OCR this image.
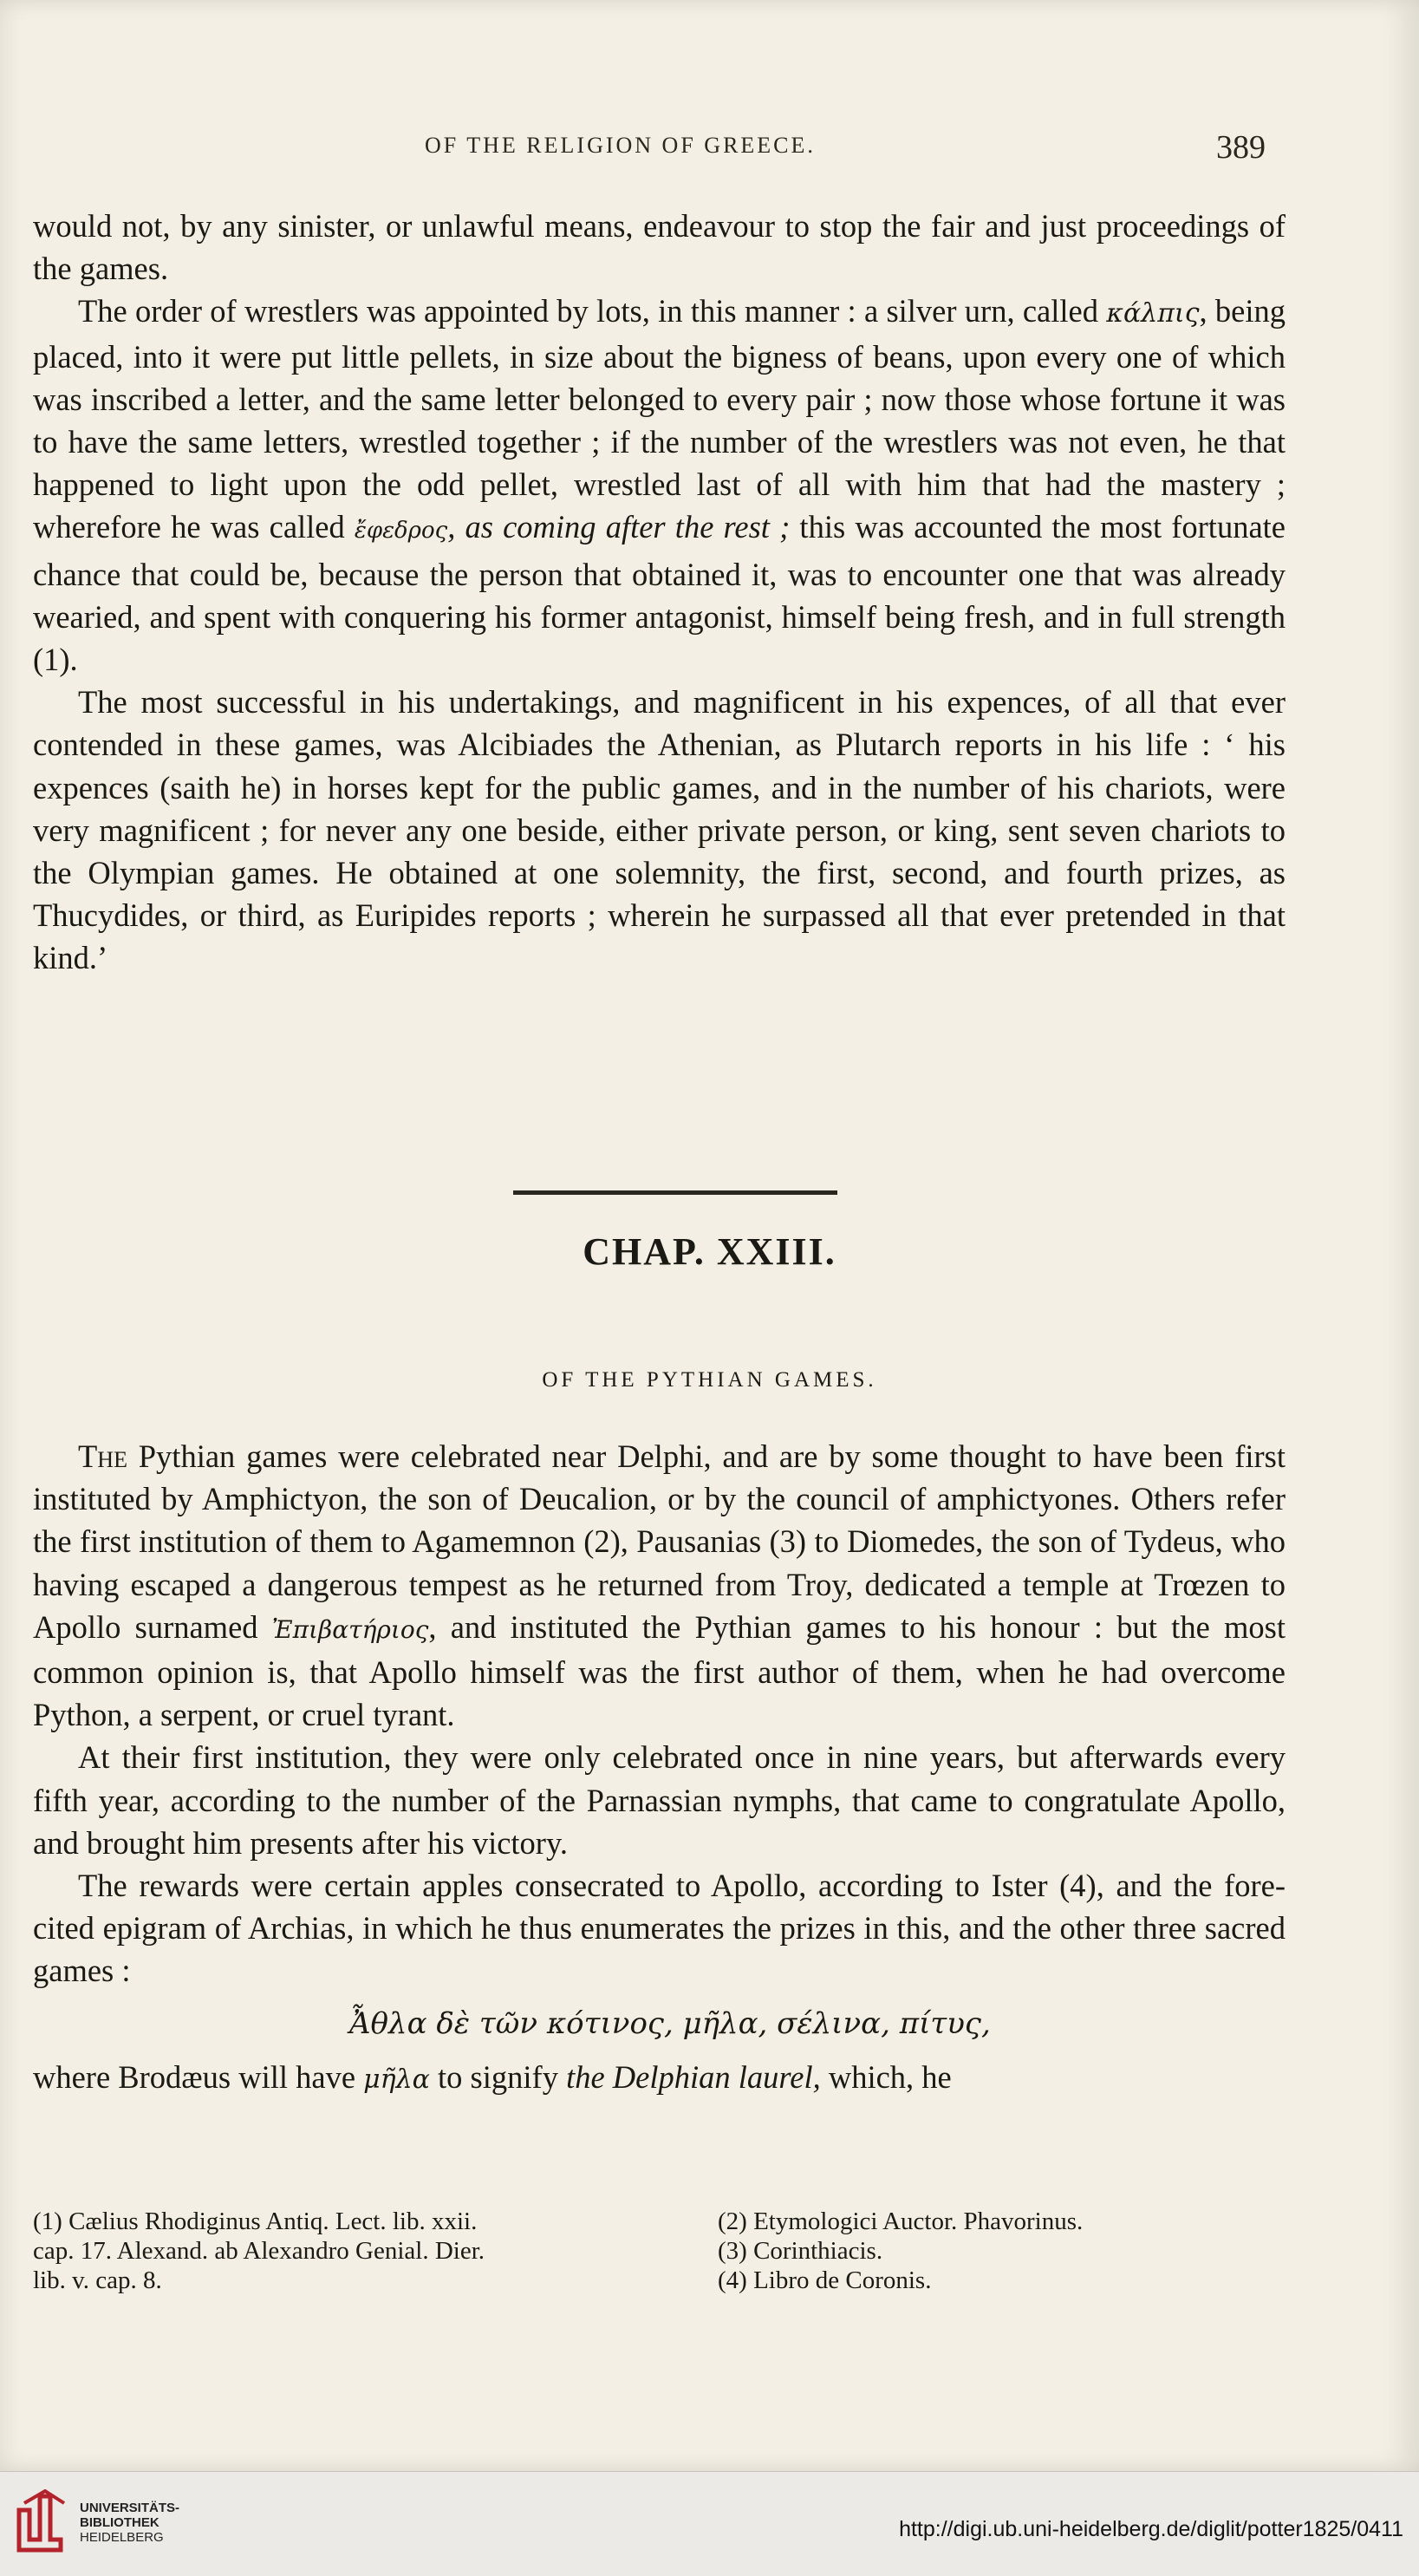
OF THE RELIGION OF GREECE.	389

would not, by any sinister, or unlawful means, endeavour to stop the fair and just proceedings of the games.

The order of wrestlers was appointed by lots, in this manner : a silver urn, called κάλπις, being placed, into it were put little pellets, in size about the bigness of beans, upon every one of which was inscribed a letter, and the same letter belonged to every pair ; now those whose fortune it was to have the same letters, wrestled together ; if the number of the wrestlers was not even, he that happened to light upon the odd pellet, wrestled last of all with him that had the mastery ; wherefore he was called ἔφεδρος, as coming after the rest ; this was accounted the most fortunate chance that could be, because the person that obtained it, was to encounter one that was already wearied, and spent with conquering his former antagonist, himself being fresh, and in full strength (1).

The most successful in his undertakings, and magnificent in his expences, of all that ever contended in these games, was Alcibiades the Athenian, as Plutarch reports in his life : ‘ his expences (saith he) in horses kept for the public games, and in the number of his chariots, were very magnificent ; for never any one beside, either private person, or king, sent seven chariots to the Olympian games. He obtained at one solemnity, the first, second, and fourth prizes, as Thucydides, or third, as Euripides reports ; wherein he surpassed all that ever pretended in that kind.’

CHAP. XXIII.
OF THE PYTHIAN GAMES.

The Pythian games were celebrated near Delphi, and are by some thought to have been first instituted by Amphictyon, the son of Deucalion, or by the council of amphictyones. Others refer the first institution of them to Agamemnon (2), Pausanias (3) to Diomedes, the son of Tydeus, who having escaped a dangerous tempest as he returned from Troy, dedicated a temple at Trœzen to Apollo surnamed Ἐπιβατήριος, and instituted the Pythian games to his honour : but the most common opinion is, that Apollo himself was the first author of them, when he had overcome Python, a serpent, or cruel tyrant.

At their first institution, they were only celebrated once in nine years, but afterwards every fifth year, according to the number of the Parnassian nymphs, that came to congratulate Apollo, and brought him presents after his victory.

The rewards were certain apples consecrated to Apollo, according to Ister (4), and the fore-cited epigram of Archias, in which he thus enumerates the prizes in this, and the other three sacred games :

Ἆθλα δὲ τῶν κότινος, μῆλα, σέλινα, πίτυς,

where Brodæus will have μῆλα to signify the Delphian laurel, which, he

(1) Cælius Rhodiginus Antiq. Lect. lib. xxii.	(2) Etymologici Auctor. Phavorinus.
cap. 17. Alexand. ab Alexandro Genial. Dier.	(3) Corinthiacis.
lib. v. cap. 8.	(4) Libro de Coronis.
UNIVERSITÄTS-
BIBLIOTHEK
HEIDELBERG	http://digi.ub.uni-heidelberg.de/diglit/potter1825/0411
